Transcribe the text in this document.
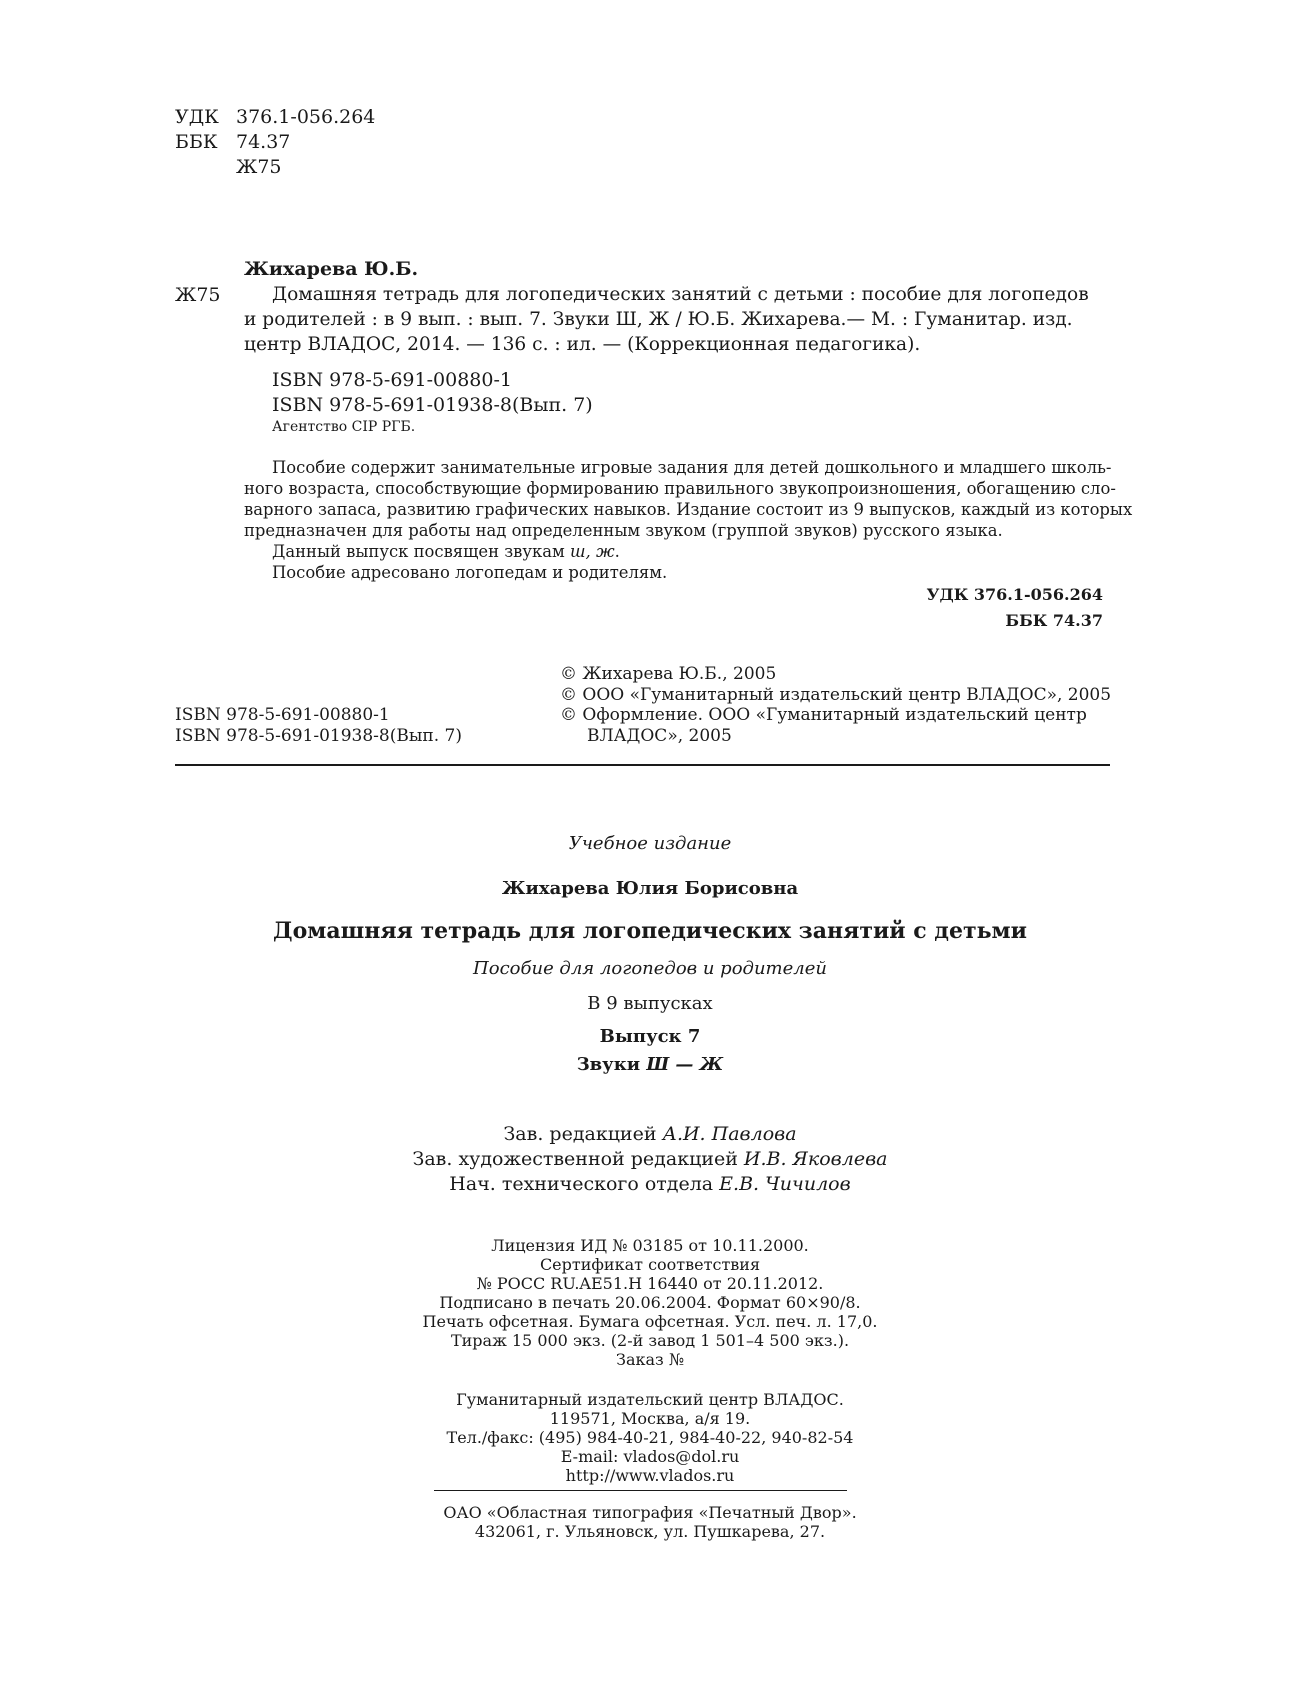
УДК 376.1-056.264
ББК 74.37
Ж75
Жихарева Ю.Б.
Ж75	Домашняя тетрадь для логопедических занятий с детьми : пособие для логопедов
и родителей : в 9 вып. : вып. 7. Звуки Ш, Ж / Ю.Б. Жихарева.— М. : Гуманитар. изд.
центр ВЛАДОС, 2014. — 136 с. : ил. — (Коррекционная педагогика).
ISBN 978-5-691-00880-1
ISBN 978-5-691-01938-8(Вып. 7)
Агентство CIP РГБ.
Пособие содержит занимательные игровые задания для детей дошкольного и младшего школь-
ного возраста, способствующие формированию правильного звукопроизношения, обогащению сло-
варного запаса, развитию графических навыков. Издание состоит из 9 выпусков, каждый из которых
предназначен для работы над определенным звуком (группой звуков) русского языка.
Данный выпуск посвящен звукам ш, ж.
Пособие адресовано логопедам и родителям.
УДК 376.1-056.264
ББК 74.37
© Жихарева Ю.Б., 2005
© ООО «Гуманитарный издательский центр ВЛАДОС», 2005
ISBN 978-5-691-00880-1	© Оформление. ООО «Гуманитарный издательский центр
ISBN 978-5-691-01938-8(Вып. 7)	ВЛАДОС», 2005
Учебное издание
Жихарева Юлия Борисовна
Домашняя тетрадь для логопедических занятий с детьми
Пособие для логопедов и родителей
В 9 выпусках
Выпуск 7
Звуки Ш — Ж
Зав. редакцией А.И. Павлова
Зав. художественной редакцией И.В. Яковлева
Нач. технического отдела Е.В. Чичилов
Лицензия ИД № 03185 от 10.11.2000.
Сертификат соответствия
№ РОСС RU.AE51.H 16440 от 20.11.2012.
Подписано в печать 20.06.2004. Формат 60×90/8.
Печать офсетная. Бумага офсетная. Усл. печ. л. 17,0.
Тираж 15 000 экз. (2-й завод 1 501–4 500 экз.).
Заказ №
Гуманитарный издательский центр ВЛАДОС.
119571, Москва, а/я 19.
Тел./факс: (495) 984-40-21, 984-40-22, 940-82-54
E-mail: vlados@dol.ru
http://www.vlados.ru
ОАО «Областная типография «Печатный Двор».
432061, г. Ульяновск, ул. Пушкарева, 27.
